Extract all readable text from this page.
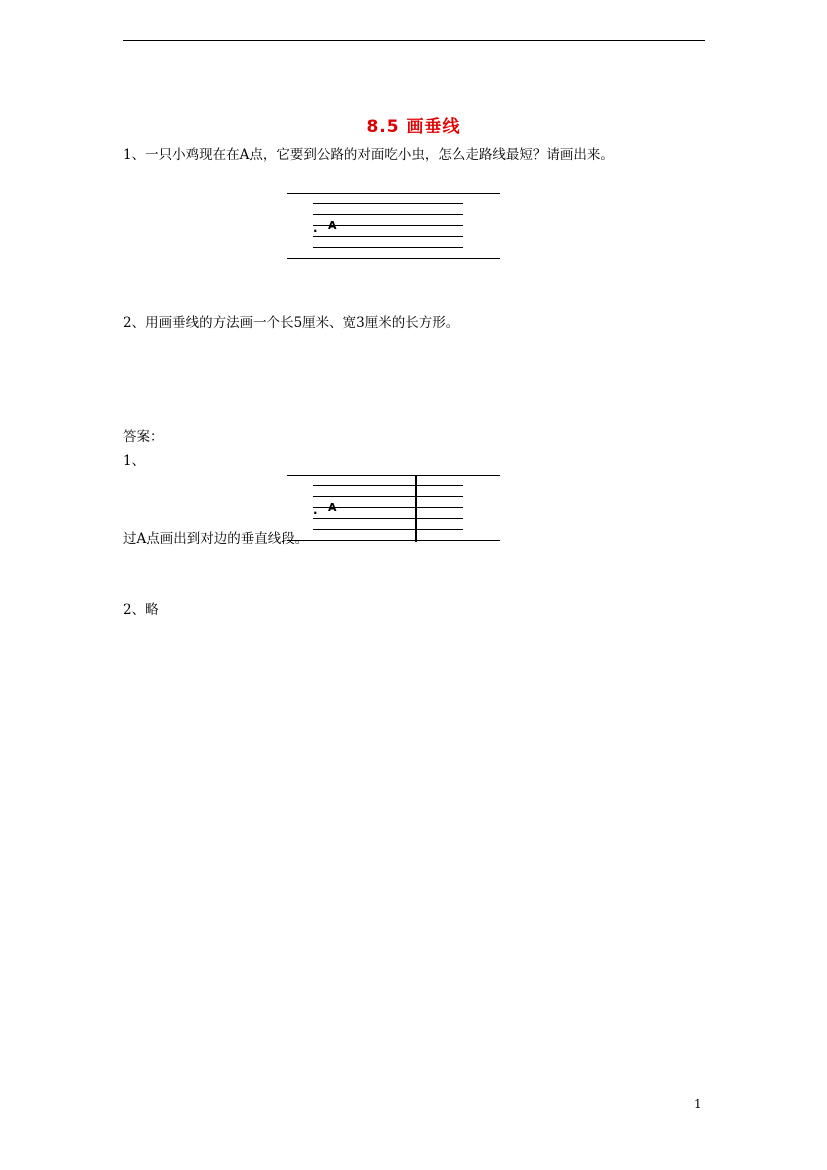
8.5 画垂线
1、一只小鸡现在在A点，它要到公路的对面吃小虫，怎么走路线最短？请画出来。
. A
2、用画垂线的方法画一个长5厘米、宽3厘米的长方形。
答案：
1、
. A
过A点画出到对边的垂直线段。
2、略
1
